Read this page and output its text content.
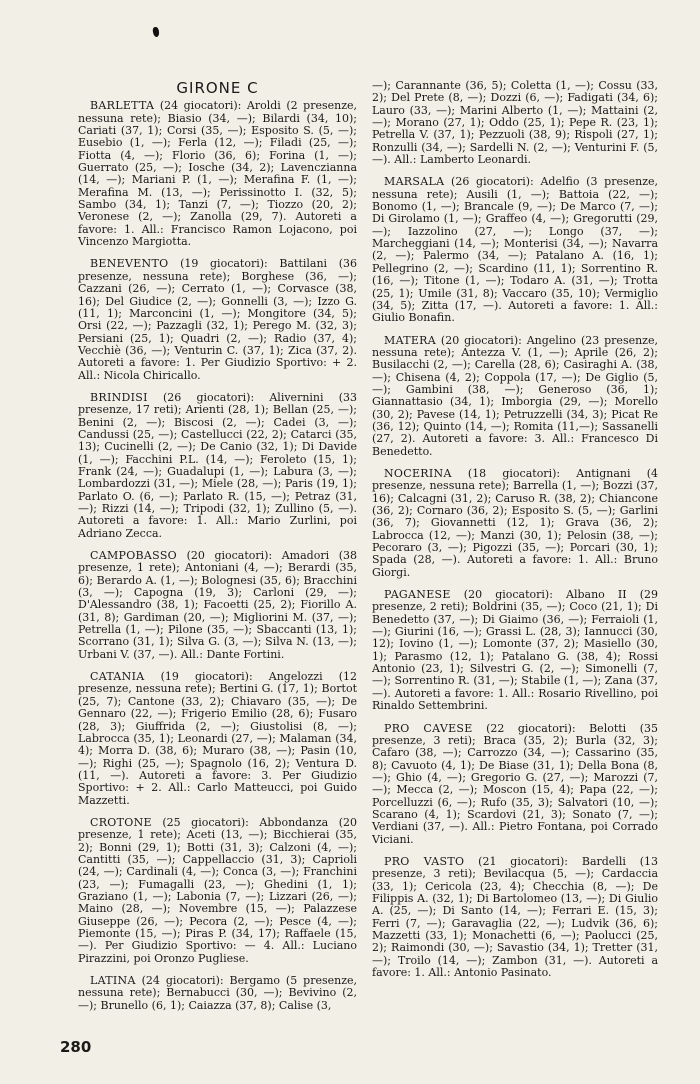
GIRONE C

BARLETTA (24 giocatori): Aroldi (2 presenze, nessuna rete); Biasio (34, —); Bilardi (34, 10); Cariati (37, 1); Corsi (35, —); Esposito S. (5, —); Eusebio (1, —); Ferla (12, —); Filadi (25, —); Fiotta (4, —); Florio (36, 6); Forina (1, —); Guerrato (25, —); Iosche (34, 2); Lavenczianna (14, —); Mariani P. (1, —); Merafina F. (1, —); Merafina M. (13, —); Perissinotto I. (32, 5); Sambo (34, 1); Tanzi (7, —); Tiozzo (20, 2); Veronese (2, —); Zanolla (29, 7). Autoreti a favore: 1. All.: Francisco Ramon Lojacono, poi Vincenzo Margiotta.

BENEVENTO (19 giocatori): Battilani (36 presenze, nessuna rete); Borghese (36, —); Cazzani (26, —); Cerrato (1, —); Corvasce (38, 16); Del Giudice (2, —); Gonnelli (3, —); Izzo G. (11, 1); Marconcini (1, —); Mongitore (34, 5); Orsi (22, —); Pazzagli (32, 1); Perego M. (32, 3); Persiani (25, 1); Quadri (2, —); Radio (37, 4); Vecchiè (36, —); Venturin C. (37, 1); Zica (37, 2). Autoreti a favore: 1. Per Giudizio Sportivo: + 2. All.: Nicola Chiricallo.

BRINDISI (26 giocatori): Alivernini (33 presenze, 17 reti); Arienti (28, 1); Bellan (25, —); Benini (2, —); Biscosi (2, —); Cadei (3, —); Candussi (25, —); Castellucci (22, 2); Catarci (35, 13); Cucinelli (2, —); De Canio (32, 1); Di Davide (1, —); Facchini P.L. (14, —); Feroleto (15, 1); Frank (24, —); Guadalupi (1, —); Labura (3, —); Lombardozzi (31, —); Miele (28, —); Paris (19, 1); Parlato O. (6, —); Parlato R. (15, —); Petraz (31, —); Rizzi (14, —); Tripodi (32, 1); Zullino (5, —). Autoreti a favore: 1. All.: Mario Zurlini, poi Adriano Zecca.

CAMPOBASSO (20 giocatori): Amadori (38 presenze, 1 rete); Antoniani (4, —); Berardi (35, 6); Berardo A. (1, —); Bolognesi (35, 6); Bracchini (3, —); Capogna (19, 3); Carloni (29, —); D'Alessandro (38, 1); Facoetti (25, 2); Fiorillo A. (31, 8); Gardiman (20, —); Migliorini M. (37, —); Petrella (1, —); Pilone (35, —); Sbaccanti (13, 1); Scorrano (31, 1); Silva G. (3, —); Silva N. (13, —); Urbani V. (37, —). All.: Dante Fortini.

CATANIA (19 giocatori): Angelozzi (12 presenze, nessuna rete); Bertini G. (17, 1); Bortot (25, 7); Cantone (33, 2); Chiavaro (35, —); De Gennaro (22, —); Frigerio Emilio (28, 6); Fusaro (28, 3); Giuffrida (2, —); Giustolisi (8, —); Labrocca (35, 1); Leonardi (27, —); Malaman (34, 4); Morra D. (38, 6); Muraro (38, —); Pasin (10, —); Righi (25, —); Spagnolo (16, 2); Ventura D. (11, —). Autoreti a favore: 3. Per Giudizio Sportivo: + 2. All.: Carlo Matteucci, poi Guido Mazzetti.

CROTONE (25 giocatori): Abbondanza (20 presenze, 1 rete); Aceti (13, —); Bicchierai (35, 2); Bonni (29, 1); Botti (31, 3); Calzoni (4, —); Cantitti (35, —); Cappellaccio (31, 3); Caprioli (24, —); Cardinali (4, —); Conca (3, —); Franchini (23, —); Fumagalli (23, —); Ghedini (1, 1); Graziano (1, —); Labonia (7, —); Lizzari (26, —); Maino (28, —); Novembre (15, —); Palazzese Giuseppe (26, —); Pecora (2, —); Pesce (4, —); Piemonte (15, —); Piras P. (34, 17); Raffaele (15, —). Per Giudizio Sportivo: — 4. All.: Luciano Pirazzini, poi Oronzo Pugliese.

LATINA (24 giocatori): Bergamo (5 presenze, nessuna rete); Bernabucci (30, —); Bevivino (2, —); Brunello (6, 1); Caiazza (37, 8); Calise (3,

—); Carannante (36, 5); Coletta (1, —); Cossu (33, 2); Del Prete (8, —); Dozzi (6, —); Fadigati (34, 6); Lauro (33, —); Marini Alberto (1, —); Mattaini (2, —); Morano (27, 1); Oddo (25, 1); Pepe R. (23, 1); Petrella V. (37, 1); Pezzuoli (38, 9); Rispoli (27, 1); Ronzulli (34, —); Sardelli N. (2, —); Venturini F. (5, —). All.: Lamberto Leonardi.

MARSALA (26 giocatori): Adelfio (3 presenze, nessuna rete); Ausili (1, —); Battoia (22, —); Bonomo (1, —); Brancale (9, —); De Marco (7, —); Di Girolamo (1, —); Graffeo (4, —); Gregorutti (29, —); Iazzolino (27, —); Longo (37, —); Marcheggiani (14, —); Monterisi (34, —); Navarra (2, —); Palermo (34, —); Patalano A. (16, 1); Pellegrino (2, —); Scardino (11, 1); Sorrentino R. (16, —); Titone (1, —); Todaro A. (31, —); Trotta (25, 1); Umile (31, 8); Vaccaro (35, 10); Vermiglio (34, 5); Zitta (17, —). Autoreti a favore: 1. All.: Giulio Bonafin.

MATERA (20 giocatori): Angelino (23 presenze, nessuna rete); Antezza V. (1, —); Aprile (26, 2); Busilacchi (2, —); Carella (28, 6); Casiraghi A. (38, —); Chisena (4, 2); Coppola (17, —); De Giglio (5, —); Gambini (38, —); Generoso (36, 1); Giannattasio (34, 1); Imborgia (29, —); Morello (30, 2); Pavese (14, 1); Petruzzelli (34, 3); Picat Re (36, 12); Quinto (14, —); Romita (11,—); Sassanelli (27, 2). Autoreti a favore: 3. All.: Francesco Di Benedetto.

NOCERINA (18 giocatori): Antignani (4 presenze, nessuna rete); Barrella (1, —); Bozzi (37, 16); Calcagni (31, 2); Caruso R. (38, 2); Chiancone (36, 2); Cornaro (36, 2); Esposito S. (5, —); Garlini (36, 7); Giovannetti (12, 1); Grava (36, 2); Labrocca (12, —); Manzi (30, 1); Pelosin (38, —); Pecoraro (3, —); Pigozzi (35, —); Porcari (30, 1); Spada (28, —). Autoreti a favore: 1. All.: Bruno Giorgi.

PAGANESE (20 giocatori): Albano II (29 presenze, 2 reti); Boldrini (35, —); Coco (21, 1); Di Benedetto (37, —); Di Giaimo (36, —); Ferraioli (1, —); Giurini (16, —); Grassi L. (28, 3); Iannucci (30, 12); Iovino (1, —); Lomonte (37, 2); Masiello (30, 1); Parasmo (12, 1); Patalano G. (38, 4); Rossi Antonio (23, 1); Silvestri G. (2, —); Simonelli (7, —); Sorrentino R. (31, —); Stabile (1, —); Zana (37, —). Autoreti a favore: 1. All.: Rosario Rivellino, poi Rinaldo Settembrini.

PRO CAVESE (22 giocatori): Belotti (35 presenze, 3 reti); Braca (35, 2); Burla (32, 3); Cafaro (38, —); Carrozzo (34, —); Cassarino (35, 8); Cavuoto (4, 1); De Biase (31, 1); Della Bona (8, —); Ghio (4, —); Gregorio G. (27, —); Marozzi (7, —); Mecca (2, —); Moscon (15, 4); Papa (22, —); Porcelluzzi (6, —); Rufo (35, 3); Salvatori (10, —); Scarano (4, 1); Scardovi (21, 3); Sonato (7, —); Verdiani (37, —). All.: Pietro Fontana, poi Corrado Viciani.

PRO VASTO (21 giocatori): Bardelli (13 presenze, 3 reti); Bevilacqua (5, —); Cardaccia (33, 1); Cericola (23, 4); Checchia (8, —); De Filippis A. (32, 1); Di Bartolomeo (13, —); Di Giulio A. (25, —); Di Santo (14, —); Ferrari E. (15, 3); Ferri (7, —); Garavaglia (22, —); Ludvik (36, 6); Mazzetti (33, 1); Monachetti (6, —); Paolucci (25, 2); Raimondi (30, —); Savastio (34, 1); Tretter (31, —); Troilo (14, —); Zambon (31, —). Autoreti a favore: 1. All.: Antonio Pasinato.

280
